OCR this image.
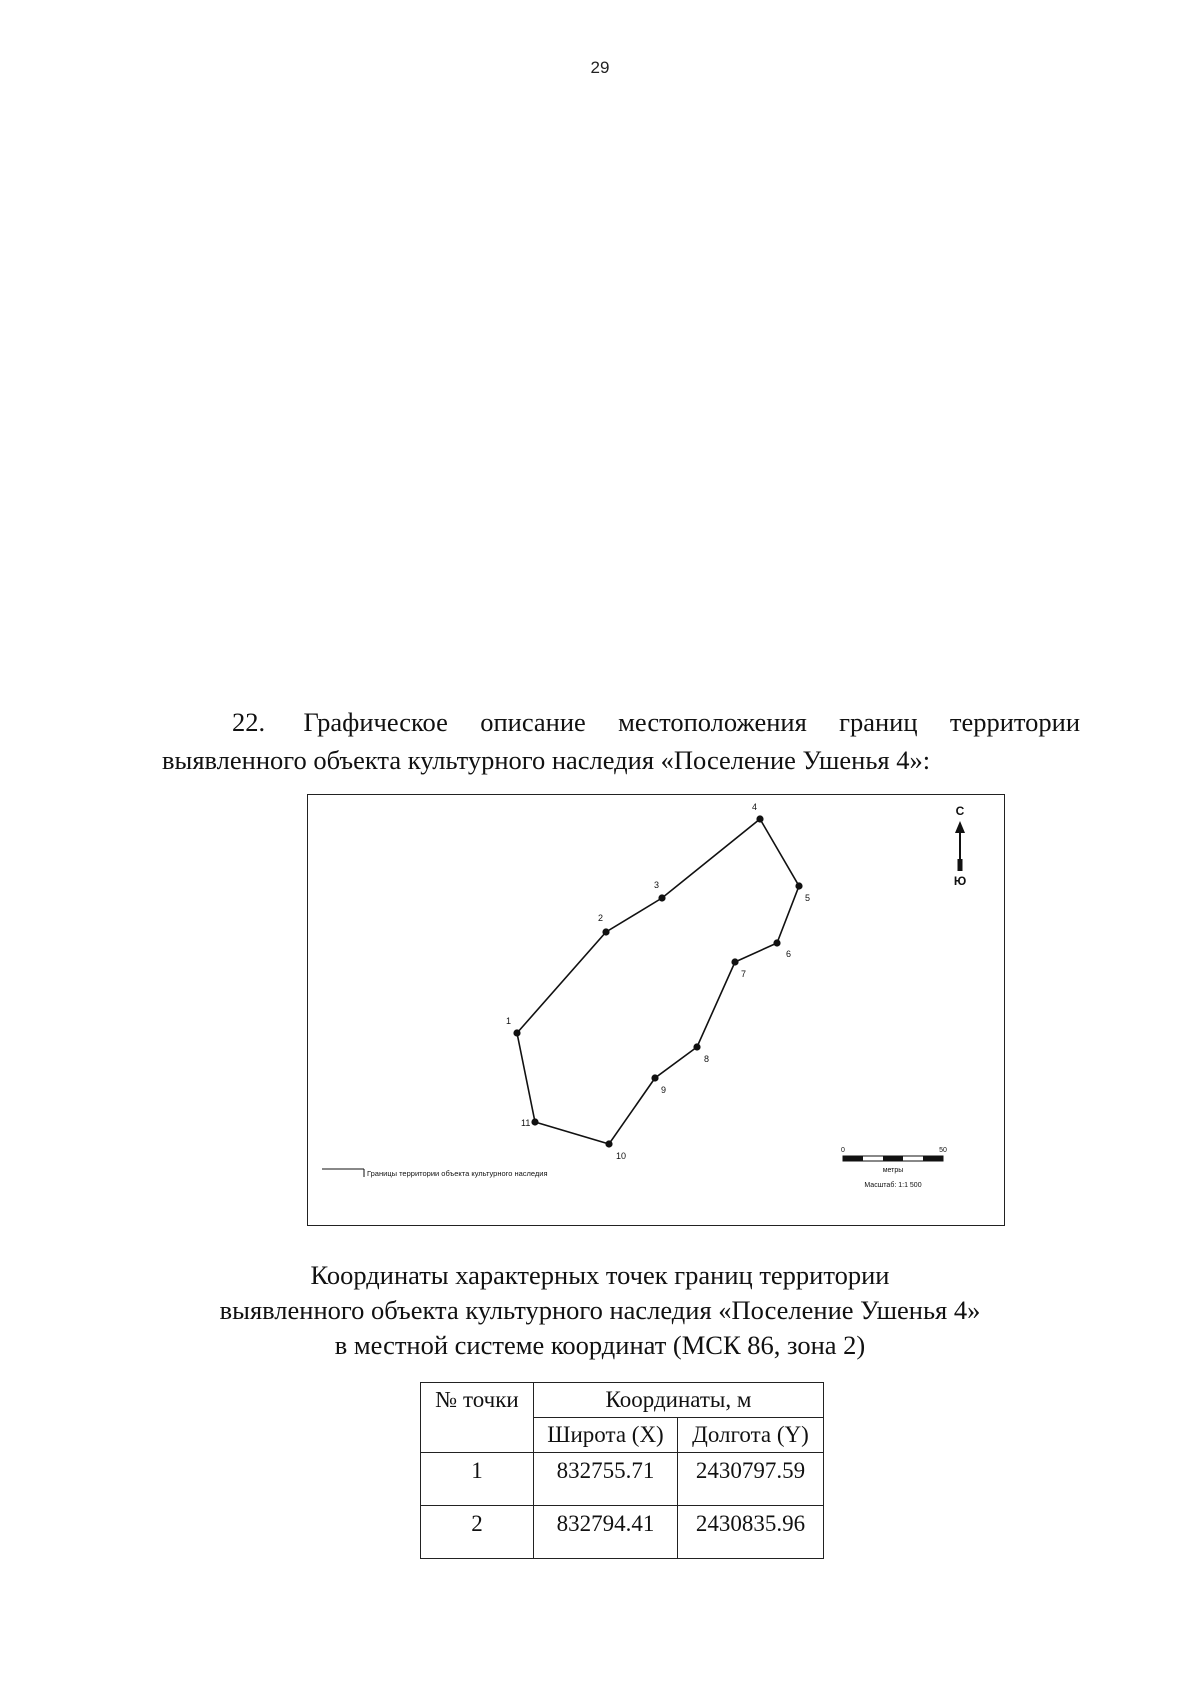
29
22. Графическое описание местоположения границ территории
выявленного объекта культурного наследия «Поселение Ушенья 4»:
1
2
3
4
5
6
7
8
9
10
11
С
Ю
0	50
метры
Масштаб: 1:1 500
Границы территории объекта культурного наследия
Координаты характерных точек границ территории
выявленного объекта культурного наследия «Поселение Ушенья 4»
в местной системе координат (МСК 86, зона 2)
№ точки	Координаты, м	
	Широта (X)	Долгота (Y)
1	832755.71	2430797.59
2	832794.41	2430835.96
